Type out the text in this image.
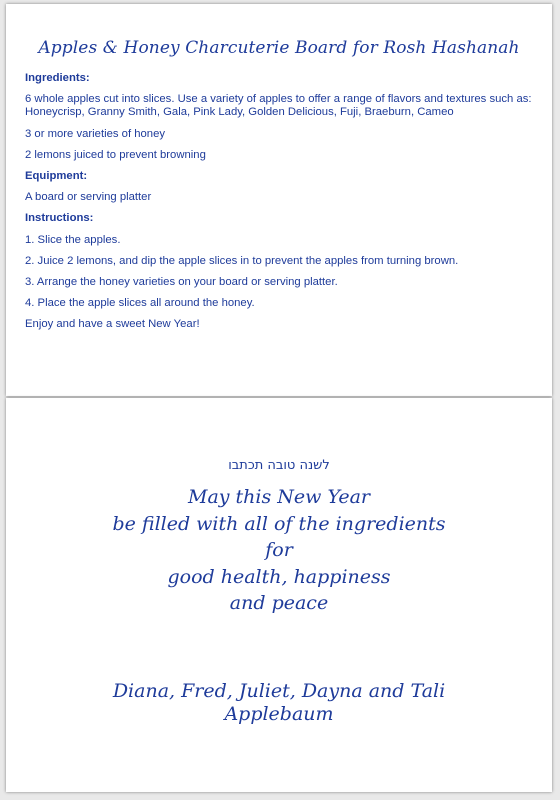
Apples & Honey Charcuterie Board for Rosh Hashanah
Ingredients:
6 whole apples cut into slices. Use a variety of apples to offer a range of flavors and textures such as: Honeycrisp, Granny Smith, Gala, Pink Lady, Golden Delicious, Fuji, Braeburn, Cameo
3 or more varieties of honey
2 lemons juiced to prevent browning
Equipment:
A board or serving platter
Instructions:
1. Slice the apples.
2. Juice 2 lemons, and dip the apple slices in to prevent the apples from turning brown.
3. Arrange the honey varieties on your board or serving platter.
4. Place the apple slices all around the honey.
Enjoy and have a sweet New Year!
לשנה טובה תכתבו
May this New Year
be filled with all of the ingredients
for
good health, happiness
and peace
Diana, Fred, Juliet, Dayna and Tali
Applebaum
